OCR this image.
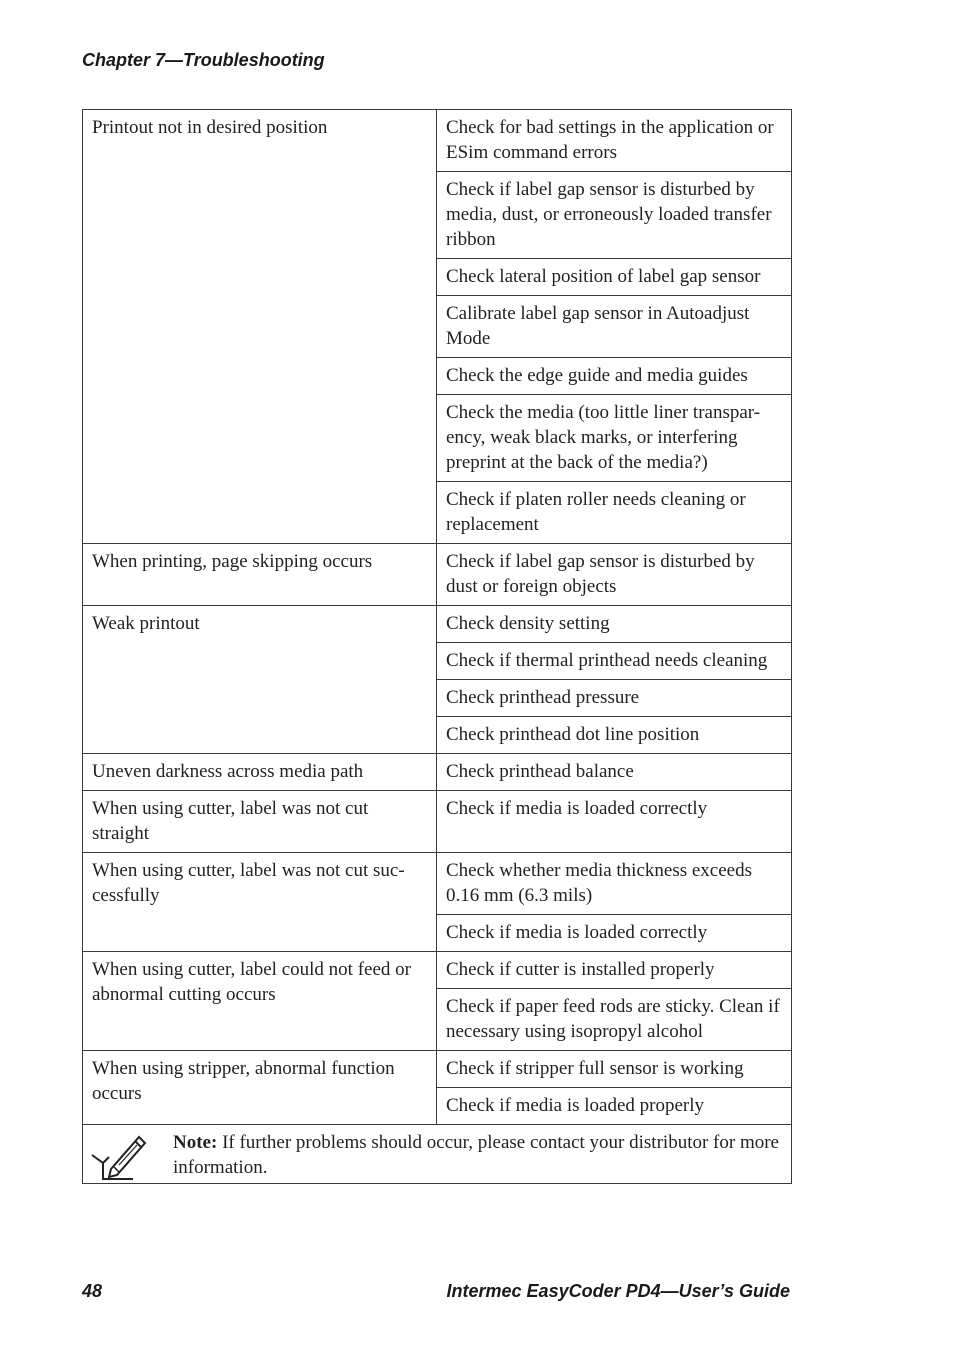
Chapter 7—Troubleshooting
Printout not in desired position	Check for bad settings in the application or ESim command errors
	Check if label gap sensor is disturbed by media, dust, or erroneously loaded transfer ribbon
	Check lateral position of label gap sensor
	Calibrate label gap sensor in Autoadjust Mode
	Check the edge guide and media guides
	Check the media (too little liner transpar-ency, weak black marks, or interfering preprint at the back of the media?)
	Check if platen roller needs cleaning or replacement
When printing, page skipping occurs	Check if label gap sensor is disturbed by dust or foreign objects
Weak printout	Check density setting
	Check if thermal printhead needs cleaning
	Check printhead pressure
	Check printhead dot line position
Uneven darkness across media path	Check printhead balance
When using cutter, label was not cut straight	Check if media is loaded correctly
When using cutter, label was not cut suc-cessfully	Check whether media thickness exceeds 0.16 mm (6.3 mils)
	Check if media is loaded correctly
When using cutter, label could not feed or abnormal cutting occurs	Check if cutter is installed properly
	Check if paper feed rods are sticky. Clean if necessary using isopropyl alcohol
When using stripper, abnormal function occurs	Check if stripper full sensor is working
	Check if media is loaded properly

Note: If further problems should occur, please contact your distributor for more information.	
48	Intermec EasyCoder PD4—User’s Guide
